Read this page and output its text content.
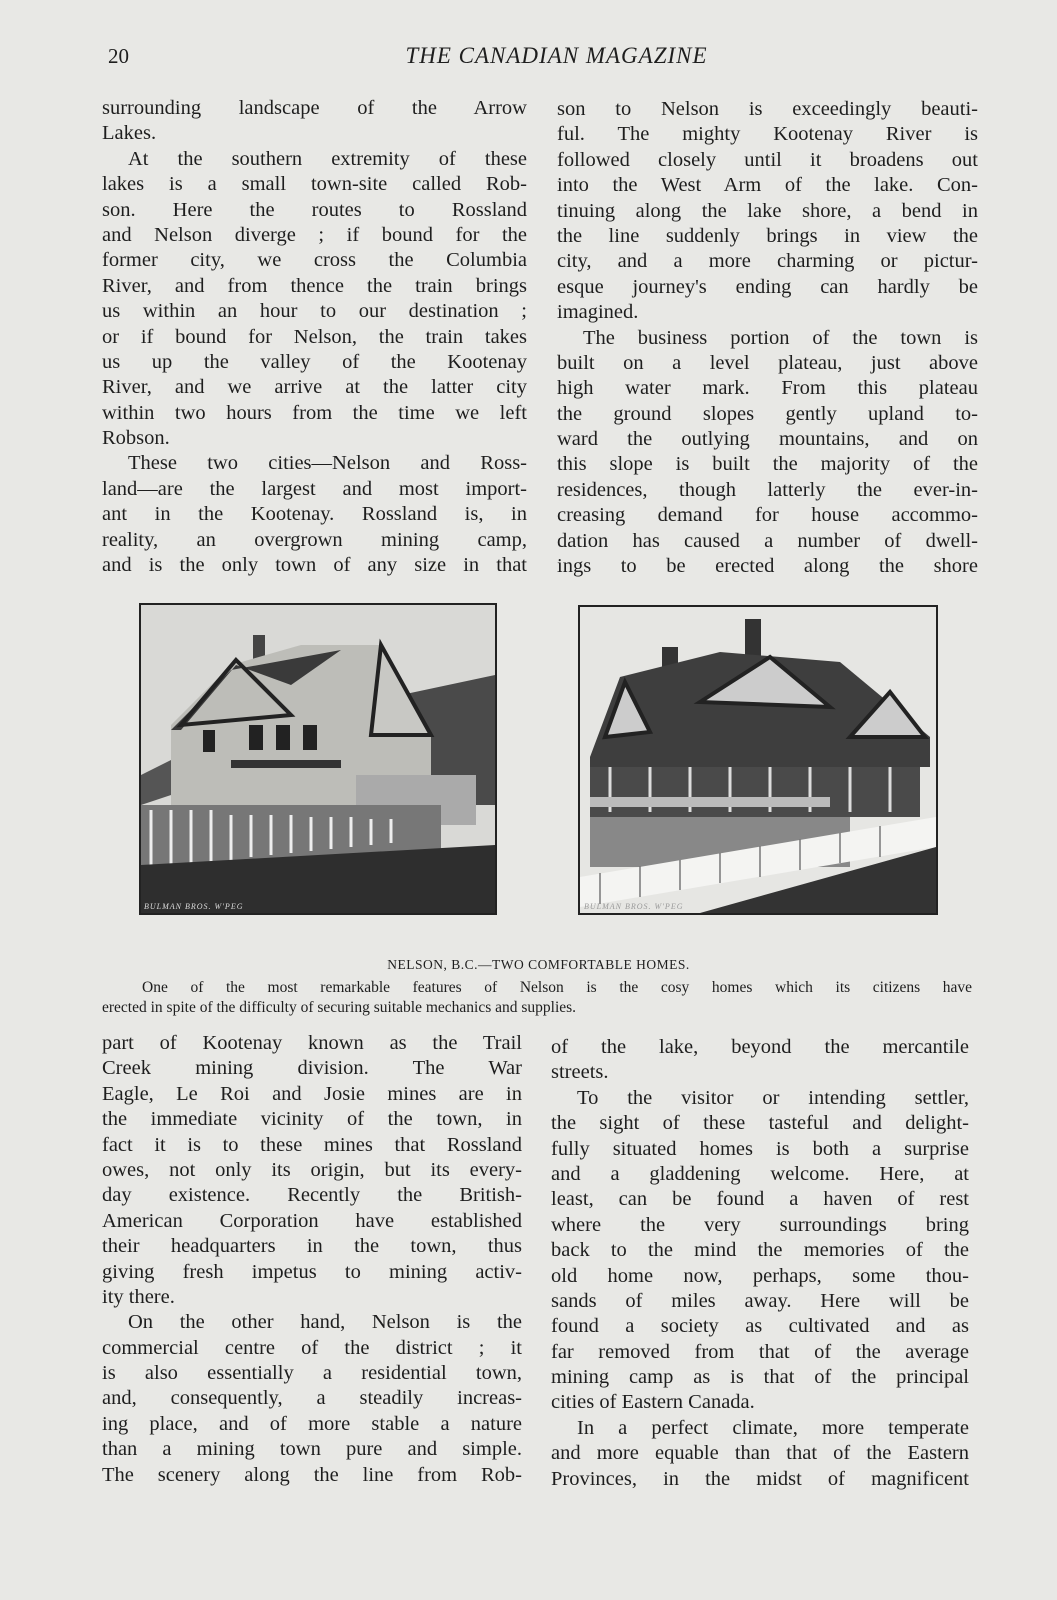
20	THE CANADIAN MAGAZINE
surrounding landscape of the Arrow
Lakes.
At the southern extremity of these
lakes is a small town-site called Rob-
son. Here the routes to Rossland
and Nelson diverge ; if bound for the
former city, we cross the Columbia
River, and from thence the train brings
us within an hour to our destination ;
or if bound for Nelson, the train takes
us up the valley of the Kootenay
River, and we arrive at the latter city
within two hours from the time we left
Robson.
These two cities—Nelson and Ross-
land—are the largest and most import-
ant in the Kootenay. Rossland is, in
reality, an overgrown mining camp,
and is the only town of any size in that
son to Nelson is exceedingly beauti-
ful. The mighty Kootenay River is
followed closely until it broadens out
into the West Arm of the lake. Con-
tinuing along the lake shore, a bend in
the line suddenly brings in view the
city, and a more charming or pictur-
esque journey's ending can hardly be
imagined.
The business portion of the town is
built on a level plateau, just above
high water mark. From this plateau
the ground slopes gently upland to-
ward the outlying mountains, and on
this slope is built the majority of the
residences, though latterly the ever-in-
creasing demand for house accommo-
dation has caused a number of dwell-
ings to be erected along the shore
BULMAN BROS. W'PEG	BULMAN BROS. W'PEG
NELSON, B.C.—TWO COMFORTABLE HOMES.
One of the most remarkable features of Nelson is the cosy homes which its citizens have
erected in spite of the difficulty of securing suitable mechanics and supplies.
part of Kootenay known as the Trail
Creek mining division. The War
Eagle, Le Roi and Josie mines are in
the immediate vicinity of the town, in
fact it is to these mines that Rossland
owes, not only its origin, but its every-
day existence. Recently the British-
American Corporation have established
their headquarters in the town, thus
giving fresh impetus to mining activ-
ity there.
On the other hand, Nelson is the
commercial centre of the district ; it
is also essentially a residential town,
and, consequently, a steadily increas-
ing place, and of more stable a nature
than a mining town pure and simple.
The scenery along the line from Rob-
of the lake, beyond the mercantile
streets.
To the visitor or intending settler,
the sight of these tasteful and delight-
fully situated homes is both a surprise
and a gladdening welcome. Here, at
least, can be found a haven of rest
where the very surroundings bring
back to the mind the memories of the
old home now, perhaps, some thou-
sands of miles away. Here will be
found a society as cultivated and as
far removed from that of the average
mining camp as is that of the principal
cities of Eastern Canada.
In a perfect climate, more temperate
and more equable than that of the Eastern
Provinces, in the midst of magnificent
